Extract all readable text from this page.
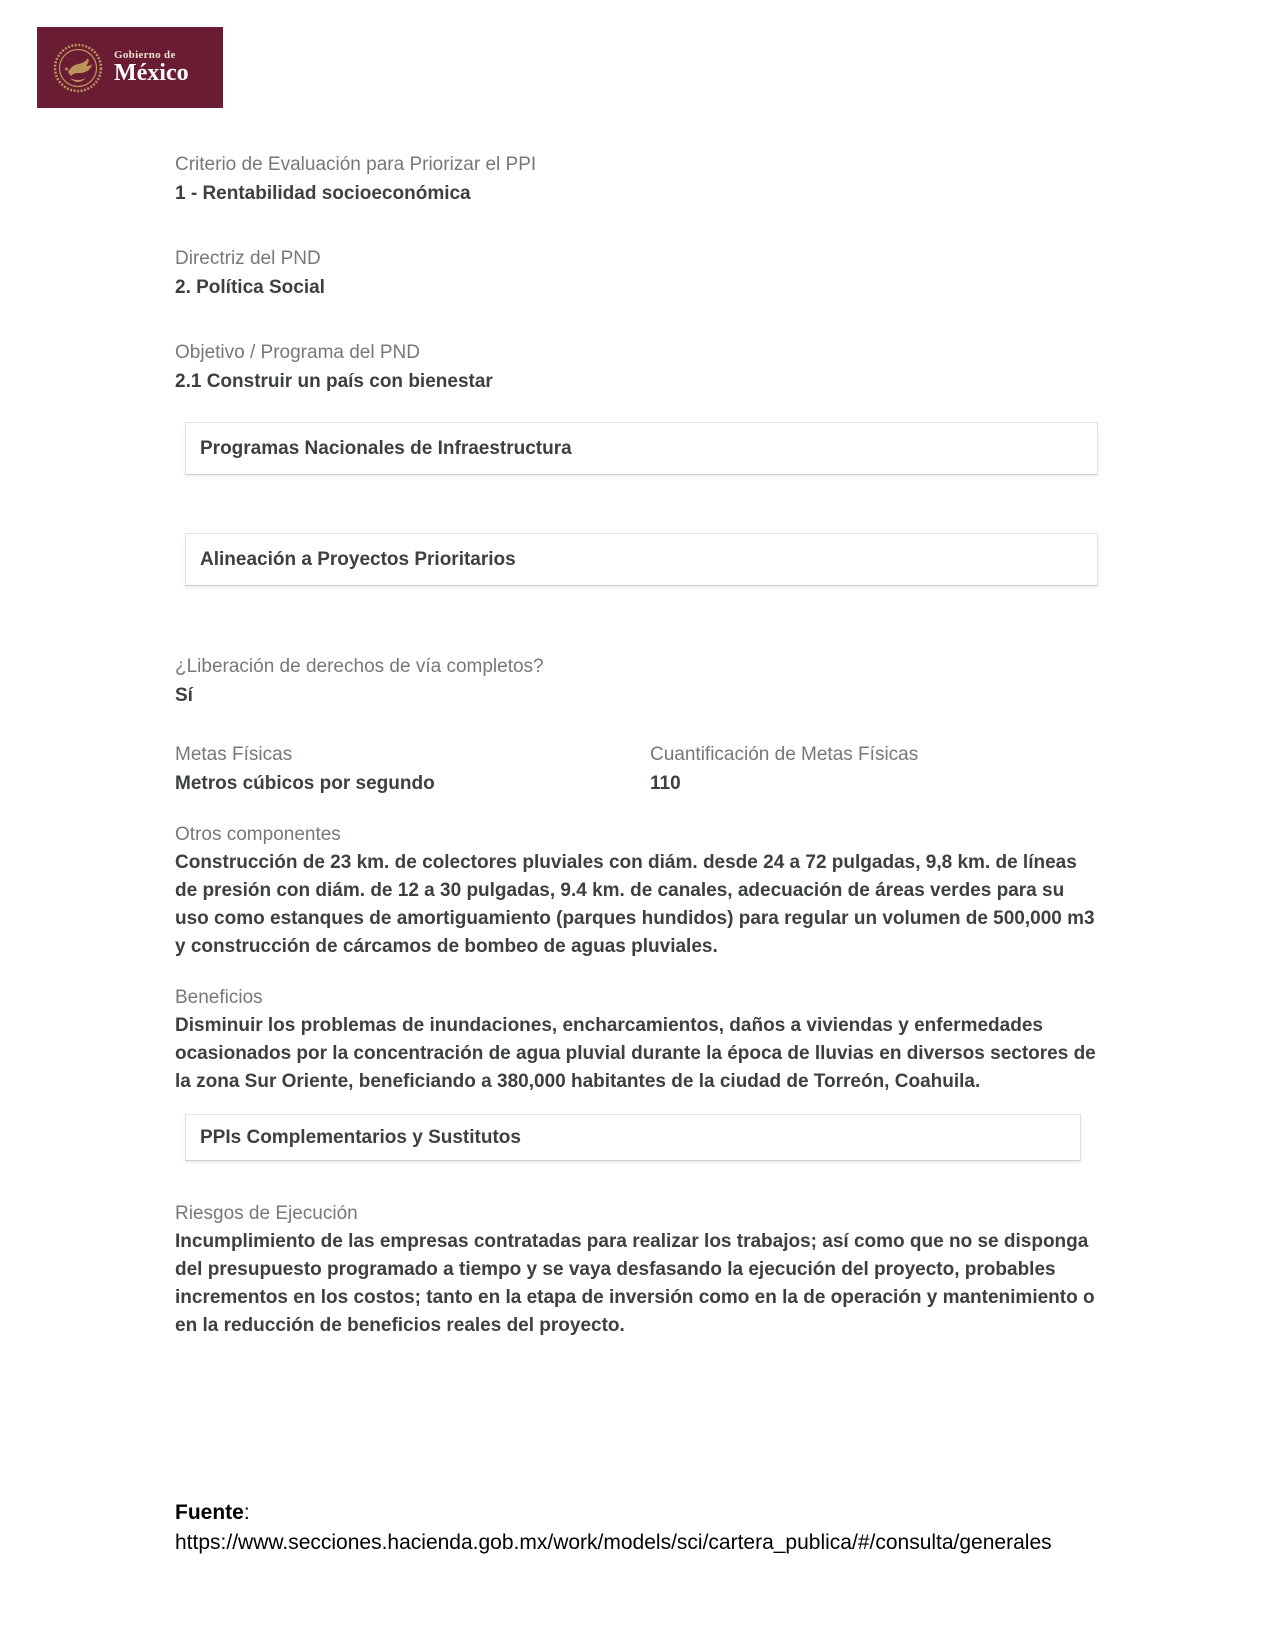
Gobierno de
México
Criterio de Evaluación para Priorizar el PPI
1 - Rentabilidad socioeconómica
Directriz del PND
2. Política Social
Objetivo / Programa del PND
2.1 Construir un país con bienestar
Programas Nacionales de Infraestructura
Alineación a Proyectos Prioritarios
¿Liberación de derechos de vía completos?
Sí
Metas Físicas
Metros cúbicos por segundo
Cuantificación de Metas Físicas
110
Otros componentes
Construcción de 23 km. de colectores pluviales con diám. desde 24 a 72 pulgadas, 9,8 km. de líneas de presión con diám. de 12 a 30 pulgadas, 9.4 km. de canales, adecuación de áreas verdes para su uso como estanques de amortiguamiento (parques hundidos) para regular un volumen de 500,000 m3 y construcción de cárcamos de bombeo de aguas pluviales.
Beneficios
Disminuir los problemas de inundaciones, encharcamientos, daños a viviendas y enfermedades ocasionados por la concentración de agua pluvial durante la época de lluvias en diversos sectores de la zona Sur Oriente, beneficiando a 380,000 habitantes de la ciudad de Torreón, Coahuila.
PPIs Complementarios y Sustitutos
Riesgos de Ejecución
Incumplimiento de las empresas contratadas para realizar los trabajos; así como que no se disponga del presupuesto programado a tiempo y se vaya desfasando la ejecución del proyecto, probables incrementos en los costos; tanto en la etapa de inversión como en la de operación y mantenimiento o en la reducción de beneficios reales del proyecto.
Fuente:
https://www.secciones.hacienda.gob.mx/work/models/sci/cartera_publica/#/consulta/generales
